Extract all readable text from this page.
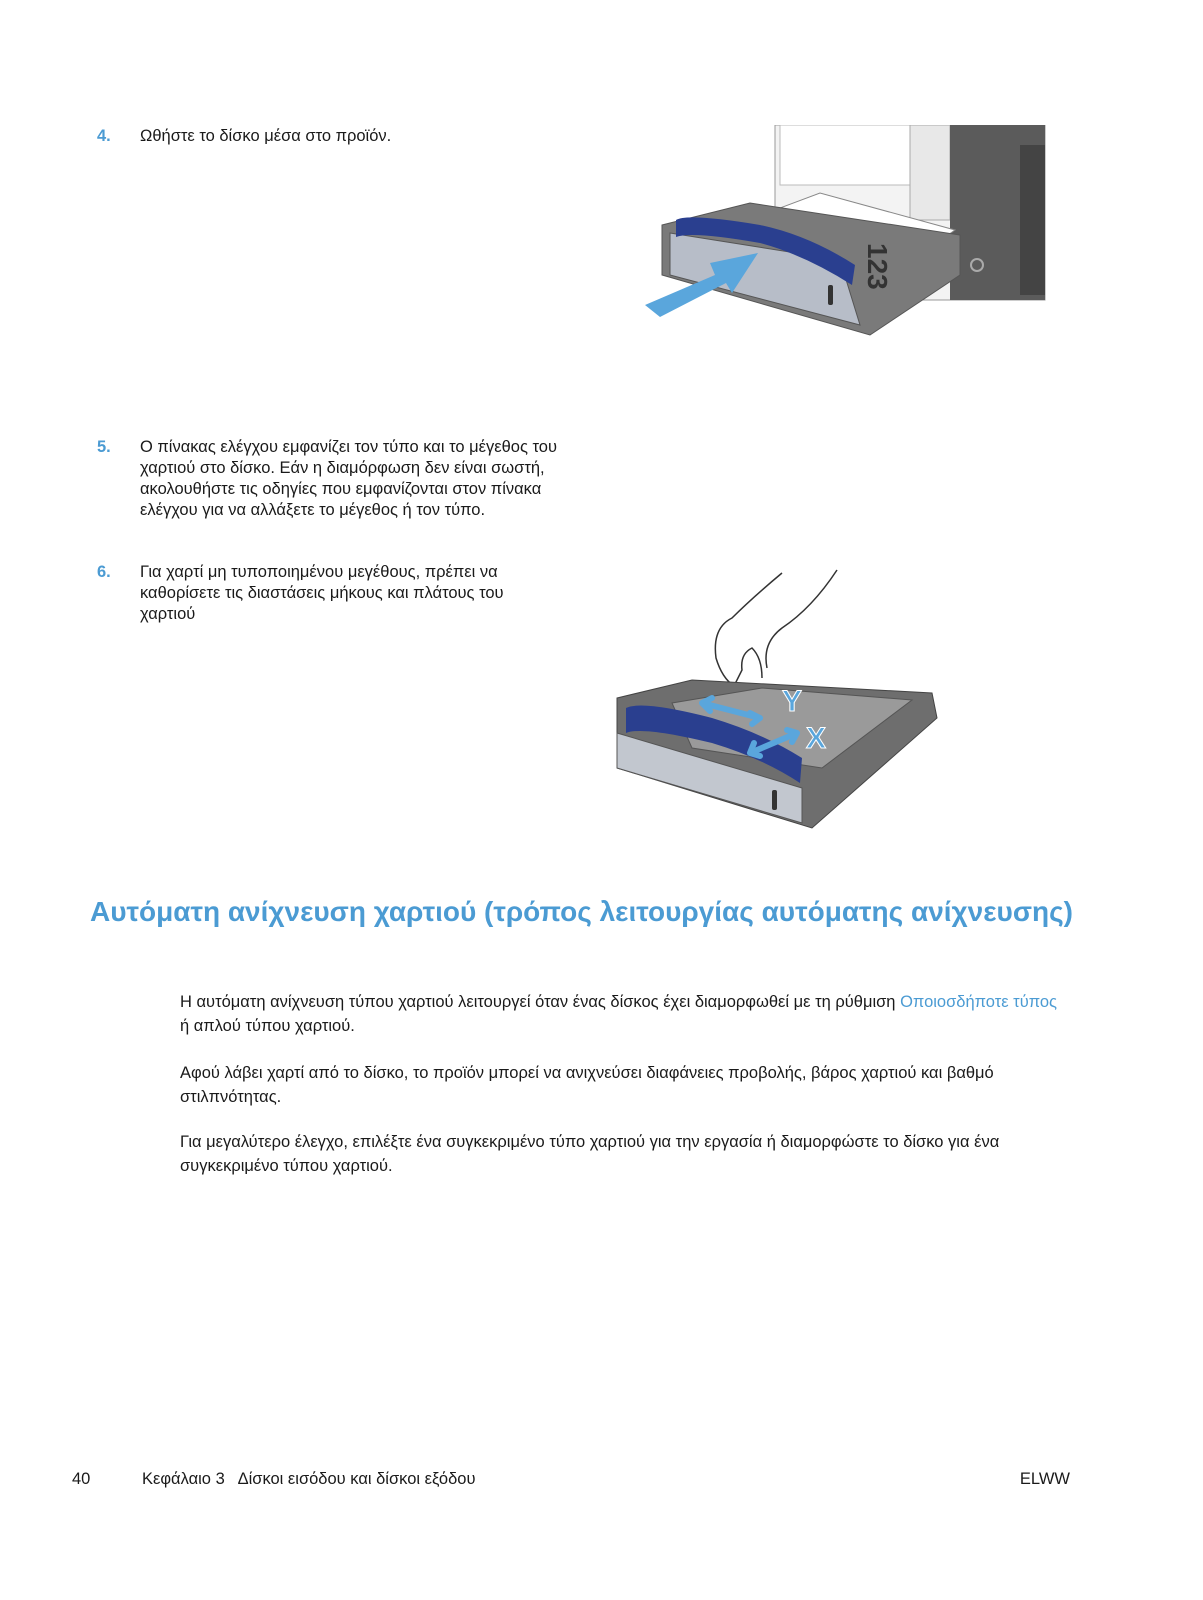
4. Ωθήστε το δίσκο μέσα στο προϊόν.
123
5. Ο πίνακας ελέγχου εμφανίζει τον τύπο και το μέγεθος του χαρτιού στο δίσκο. Εάν η διαμόρφωση δεν είναι σωστή, ακολουθήστε τις οδηγίες που εμφανίζονται στον πίνακα ελέγχου για να αλλάξετε το μέγεθος ή τον τύπο.
6. Για χαρτί μη τυποποιημένου μεγέθους, πρέπει να καθορίσετε τις διαστάσεις μήκους και πλάτους του χαρτιού
Y
X
Αυτόματη ανίχνευση χαρτιού (τρόπος λειτουργίας αυτόματης ανίχνευσης)

Η αυτόματη ανίχνευση τύπου χαρτιού λειτουργεί όταν ένας δίσκος έχει διαμορφωθεί με τη ρύθμιση Οποιοσδήποτε τύπος ή απλού τύπου χαρτιού.

Αφού λάβει χαρτί από το δίσκο, το προϊόν μπορεί να ανιχνεύσει διαφάνειες προβολής, βάρος χαρτιού και βαθμό στιλπνότητας.

Για μεγαλύτερο έλεγχο, επιλέξτε ένα συγκεκριμένο τύπο χαρτιού για την εργασία ή διαμορφώστε το δίσκο για ένα συγκεκριμένο τύπου χαρτιού.

40	Κεφάλαιο 3   Δίσκοι εισόδου και δίσκοι εξόδου	ELWW
